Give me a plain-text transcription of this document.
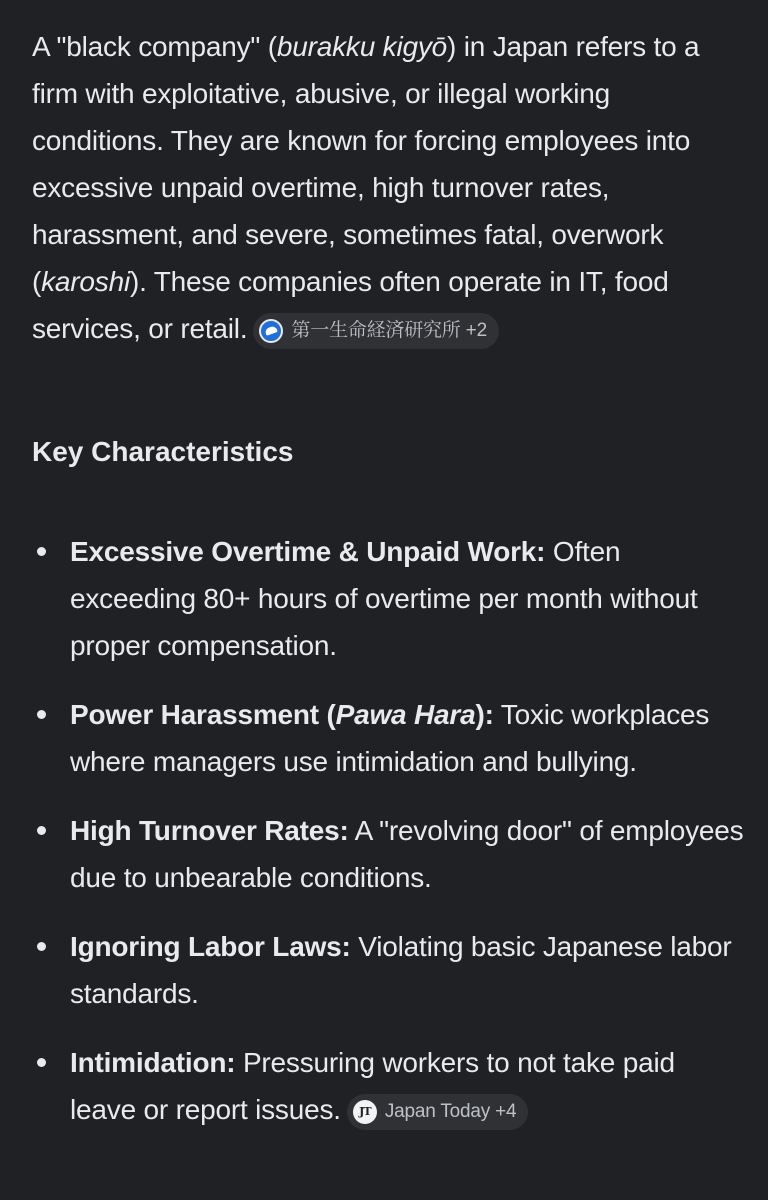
A "black company" (burakku kigyō) in Japan refers to a firm with exploitative, abusive, or illegal working conditions. They are known for forcing employees into excessive unpaid overtime, high turnover rates, harassment, and severe, sometimes fatal, overwork (karoshi). These companies often operate in IT, food services, or retail. 第一生命経済研究所 +2

Key Characteristics
Excessive Overtime & Unpaid Work: Often exceeding 80+ hours of overtime per month without proper compensation.
Power Harassment (Pawa Hara): Toxic workplaces where managers use intimidation and bullying.
High Turnover Rates: A "revolving door" of employees due to unbearable conditions.
Ignoring Labor Laws: Violating basic Japanese labor standards.
Intimidation: Pressuring workers to not take paid leave or report issues.	JT Japan Today +4
